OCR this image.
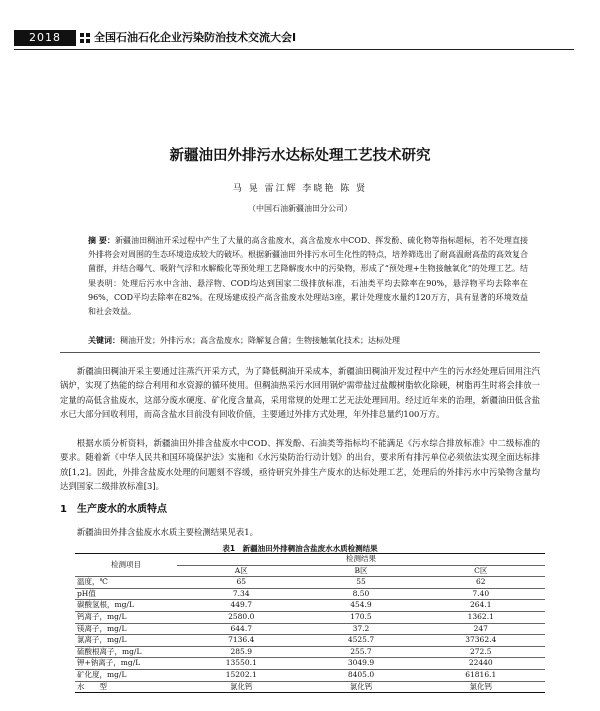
2018	全国石油石化企业污染防治技术交流大会Ⅰ
新疆油田外排污水达标处理工艺技术研究
马 晃 雷江辉 李晓艳 陈 贤
（中国石油新疆油田分公司）
摘 要：新疆油田稠油开采过程中产生了大量的高含盐废水，高含盐废水中COD、挥发酚、硫化物等指标超标，若不处理直接外排将会对周围的生态环境造成较大的破坏。根据新疆油田外排污水可生化性的特点，培养筛选出了耐高温耐高盐的高效复合菌群，并结合曝气、吸附气浮和水解酸化等预处理工艺降解废水中的污染物，形成了“预处理+生物接触氧化”的处理工艺。结果表明：处理后污水中含油、悬浮物、COD均达到国家二级排放标准，石油类平均去除率在90%，悬浮物平均去除率在96%，COD平均去除率在82%。在现场建成投产高含盐废水处理站3座，累计处理废水量约120万方，具有显著的环境效益和社会效益。
关键词：稠油开发；外排污水；高含盐废水；降解复合菌；生物接触氧化技术；达标处理
新疆油田稠油开采主要通过注蒸汽开采方式，为了降低稠油开采成本，新疆油田稠油开发过程中产生的污水经处理后回用注汽锅炉，实现了热能的综合利用和水资源的循环使用。但稠油热采污水回用锅炉需带盐过盐酸树脂软化除硬，树脂再生时将会排放一定量的高低含盐废水，这部分废水硬度、矿化度含量高，采用常规的处理工艺无法处理回用。经过近年来的治理，新疆油田低含盐水已大部分回收利用，而高含盐水目前没有回收价值，主要通过外排方式处理，年外排总量约100万方。
根据水质分析资料，新疆油田外排含盐废水中COD、挥发酚、石油类等指标均不能满足《污水综合排放标准》中二级标准的要求。随着新《中华人民共和国环境保护法》实施和《水污染防治行动计划》的出台，要求所有排污单位必须依法实现全面达标排放[1,2]。因此，外排含盐废水处理的问题刻不容缓，亟待研究外排生产废水的达标处理工艺，处理后的外排污水中污染物含量均达到国家二级排放标准[3]。
1　生产废水的水质特点
新疆油田外排含盐废水水质主要检测结果见表1。
表1　新疆油田外排稠油含盐废水水质检测结果
检测项目	检测结果		
	A区	B区	C区
温度，℃	65	55	62
pH值	7.34	8.50	7.40
碳酸氢根，mg/L	449.7	454.9	264.1
钙离子，mg/L	2580.0	170.5	1362.1
镁离子，mg/L	644.7	37.2	247
氯离子，mg/L	7136.4	4525.7	37362.4
硫酸根离子，mg/L	285.9	255.7	272.5
钾+钠离子，mg/L	13550.1	3049.9	22440
矿化度，mg/L	15202.1	8405.0	61816.1
水　　型	氯化钙	氯化钙	氯化钙
